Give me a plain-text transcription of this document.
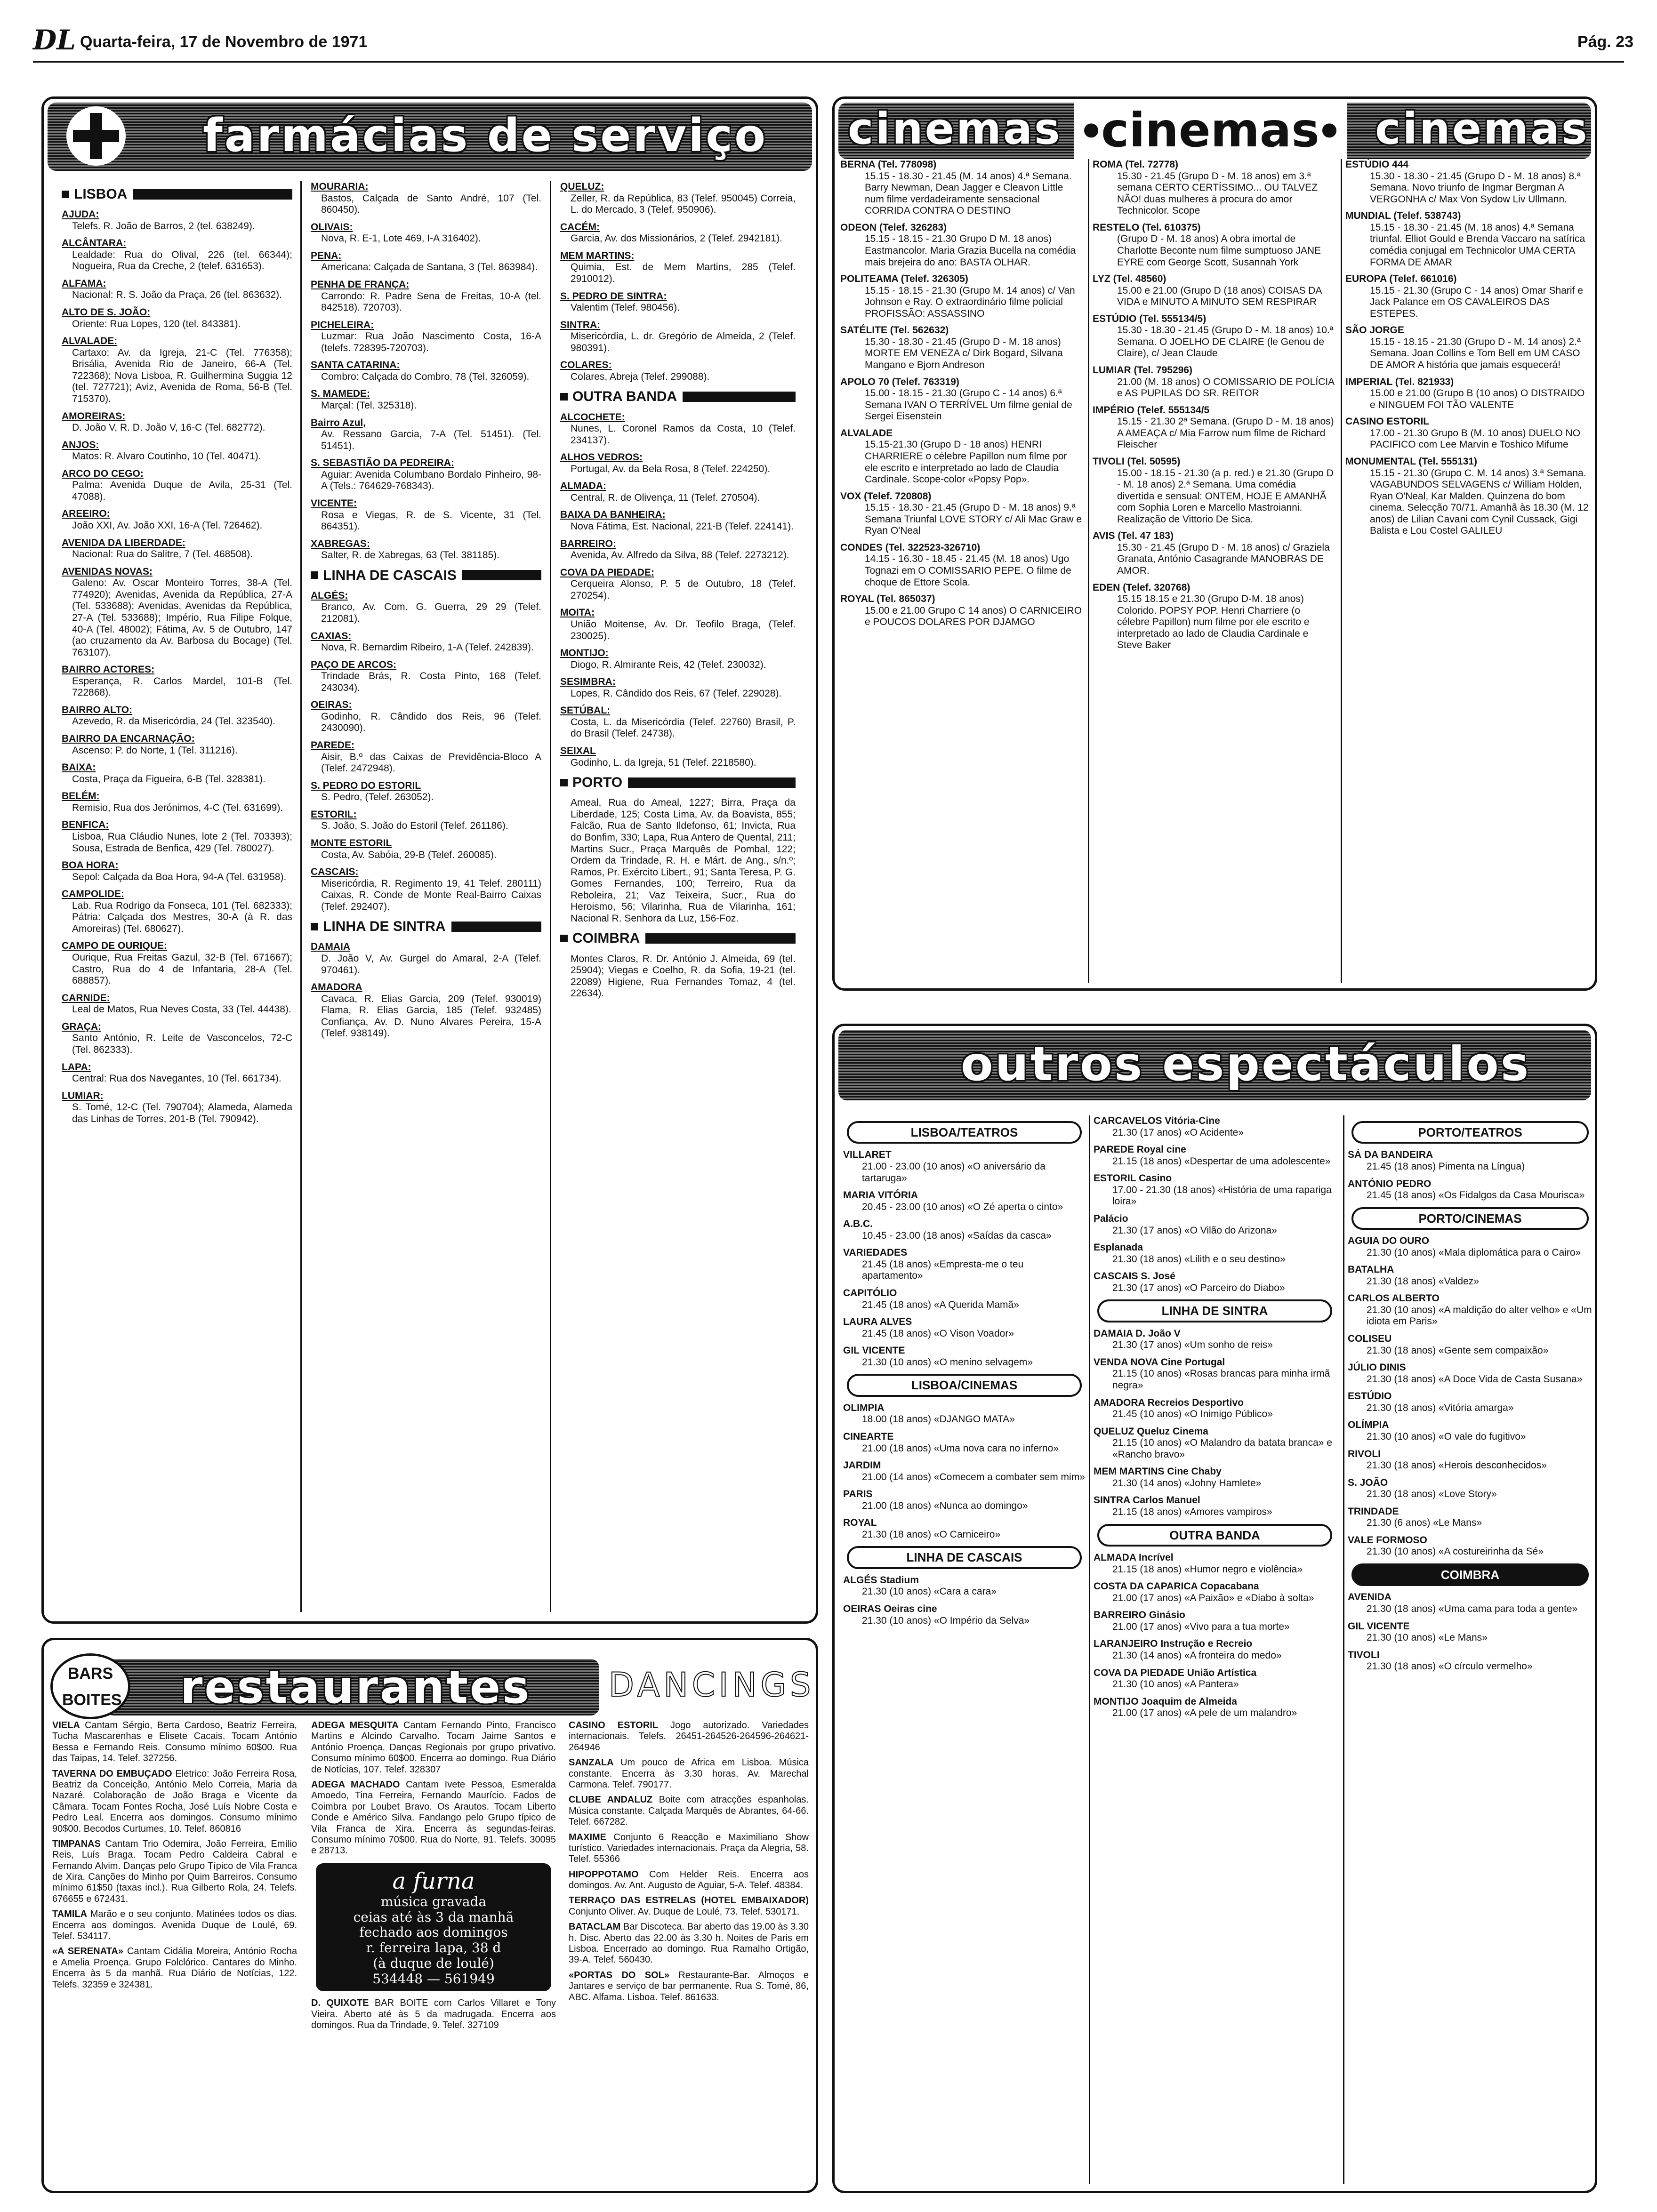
DL Quarta-feira, 17 de Novembro de 1971	Pág. 23
farmácias de serviço
LISBOA
AJUDA:
Telefs. R. João de Barros, 2 (tel. 638249).
ALCÂNTARA:
Lealdade: Rua do Olival, 226 (tel. 66344); Nogueira, Rua da Creche, 2 (telef. 631653).
ALFAMA:
Nacional: R. S. João da Praça, 26 (tel. 863632).
ALTO DE S. JOÃO:
Oriente: Rua Lopes, 120 (tel. 843381).
ALVALADE:
Cartaxo: Av. da Igreja, 21-C (Tel. 776358); Brisália, Avenida Rio de Janeiro, 66-A (Tel. 722368); Nova Lisboa, R. Guilhermina Suggia 12 (tel. 727721); Aviz, Avenida de Roma, 56-B (Tel. 715370).
AMOREIRAS:
D. João V, R. D. João V, 16-C (Tel. 682772).
ANJOS:
Matos: R. Alvaro Coutinho, 10 (Tel. 40471).
ARCO DO CEGO:
Palma: Avenida Duque de Avila, 25-31 (Tel. 47088).
AREEIRO:
João XXI, Av. João XXI, 16-A (Tel. 726462).
AVENIDA DA LIBERDADE:
Nacional: Rua do Salitre, 7 (Tel. 468508).
AVENIDAS NOVAS:
Galeno: Av. Oscar Monteiro Torres, 38-A (Tel. 774920); Avenidas, Avenida da República, 27-A (Tel. 533688); Avenidas, Avenidas da República, 27-A (Tel. 533688); Império, Rua Filipe Folque, 40-A (Tel. 48002); Fátima, Av. 5 de Outubro, 147 (ao cruzamento da Av. Barbosa du Bocage) (Tel. 763107).
BAIRRO ACTORES:
Esperança, R. Carlos Mardel, 101-B (Tel. 722868).
BAIRRO ALTO:
Azevedo, R. da Misericórdia, 24 (Tel. 323540).
BAIRRO DA ENCARNAÇÃO:
Ascenso: P. do Norte, 1 (Tel. 311216).
BAIXA:
Costa, Praça da Figueira, 6-B (Tel. 328381).
BELÉM:
Remisio, Rua dos Jerónimos, 4-C (Tel. 631699).
BENFICA:
Lisboa, Rua Cláudio Nunes, lote 2 (Tel. 703393); Sousa, Estrada de Benfica, 429 (Tel. 780027).
BOA HORA:
Sepol: Calçada da Boa Hora, 94-A (Tel. 631958).
CAMPOLIDE:
Lab. Rua Rodrigo da Fonseca, 101 (Tel. 682333); Pátria: Calçada dos Mestres, 30-A (à R. das Amoreiras) (Tel. 680627).
CAMPO DE OURIQUE:
Ourique, Rua Freitas Gazul, 32-B (Tel. 671667); Castro, Rua do 4 de Infantaria, 28-A (Tel. 688857).
CARNIDE:
Leal de Matos, Rua Neves Costa, 33 (Tel. 44438).
GRAÇA:
Santo António, R. Leite de Vasconcelos, 72-C (Tel. 862333).
LAPA:
Central: Rua dos Navegantes, 10 (Tel. 661734).
LUMIAR:
S. Tomé, 12-C (Tel. 790704); Alameda, Alameda das Linhas de Torres, 201-B (Tel. 790942).
MOURARIA:
Bastos, Calçada de Santo André, 107 (Tel. 860450).
OLIVAIS:
Nova, R. E-1, Lote 469, I-A 316402).
PENA:
Americana: Calçada de Santana, 3 (Tel. 863984).
PENHA DE FRANÇA:
Carrondo: R. Padre Sena de Freitas, 10-A (tel. 842518). 720703).
PICHELEIRA:
Luzmar: Rua João Nascimento Costa, 16-A (telefs. 728395-720703).
SANTA CATARINA:
Combro: Calçada do Combro, 78 (Tel. 326059).
S. MAMEDE:
Marçal: (Tel. 325318).
Bairro Azul,
Av. Ressano Garcia, 7-A (Tel. 51451). (Tel. 51451).
S. SEBASTIÃO DA PEDREIRA:
Aguiar: Avenida Columbano Bordalo Pinheiro, 98-A (Tels.: 764629-768343).
VICENTE:
Rosa e Viegas, R. de S. Vicente, 31 (Tel. 864351).
XABREGAS:
Salter, R. de Xabregas, 63 (Tel. 381185).
LINHA DE CASCAIS
ALGÉS:
Branco, Av. Com. G. Guerra, 29 29 (Telef. 212081).
CAXIAS:
Nova, R. Bernardim Ribeiro, 1-A (Telef. 242839).
PAÇO DE ARCOS:
Trindade Brás, R. Costa Pinto, 168 (Telef. 243034).
OEIRAS:
Godinho, R. Cândido dos Reis, 96 (Telef. 2430090).
PAREDE:
Aisir, B.º das Caixas de Previdência-Bloco A (Telef. 2472948).
S. PEDRO DO ESTORIL
S. Pedro, (Telef. 263052).
ESTORIL:
S. João, S. João do Estoril (Telef. 261186).
MONTE ESTORIL
Costa, Av. Sabóia, 29-B (Telef. 260085).
CASCAIS:
Misericórdia, R. Regimento 19, 41 Telef. 280111) Caixas, R. Conde de Monte Real-Bairro Caixas (Telef. 292407).
LINHA DE SINTRA
DAMAIA
D. João V, Av. Gurgel do Amaral, 2-A (Telef. 970461).
AMADORA
Cavaca, R. Elias Garcia, 209 (Telef. 930019) Flama, R. Elias Garcia, 185 (Telef. 932485) Confiança, Av. D. Nuno Alvares Pereira, 15-A (Telef. 938149).
QUELUZ:
Zeller, R. da República, 83 (Telef. 950045) Correia, L. do Mercado, 3 (Telef. 950906).
CACÉM:
Garcia, Av. dos Missionários, 2 (Telef. 2942181).
MEM MARTINS:
Quimia, Est. de Mem Martins, 285 (Telef. 2910012).
S. PEDRO DE SINTRA:
Valentim (Telef. 980456).
SINTRA:
Misericórdia, L. dr. Gregório de Almeida, 2 (Telef. 980391).
COLARES:
Colares, Abreja (Telef. 299088).
OUTRA BANDA
ALCOCHETE:
Nunes, L. Coronel Ramos da Costa, 10 (Telef. 234137).
ALHOS VEDROS:
Portugal, Av. da Bela Rosa, 8 (Telef. 224250).
ALMADA:
Central, R. de Olivença, 11 (Telef. 270504).
BAIXA DA BANHEIRA:
Nova Fátima, Est. Nacional, 221-B (Telef. 224141).
BARREIRO:
Avenida, Av. Alfredo da Silva, 88 (Telef. 2273212).
COVA DA PIEDADE:
Cerqueira Alonso, P. 5 de Outubro, 18 (Telef. 270254).
MOITA:
União Moitense, Av. Dr. Teofilo Braga, (Telef. 230025).
MONTIJO:
Diogo, R. Almirante Reis, 42 (Telef. 230032).
SESIMBRA:
Lopes, R. Cândido dos Reis, 67 (Telef. 229028).
SETÚBAL:
Costa, L. da Misericórdia (Telef. 22760) Brasil, P. do Brasil (Telef. 24738).
SEIXAL
Godinho, L. da Igreja, 51 (Telef. 2218580).
PORTO
Ameal, Rua do Ameal, 1227; Birra, Praça da Liberdade, 125; Costa Lima, Av. da Boavista, 855; Falcão, Rua de Santo Ildefonso, 61; Invicta, Rua do Bonfim, 330; Lapa, Rua Antero de Quental, 211; Martins Sucr., Praça Marquês de Pombal, 122; Ordem da Trindade, R. H. e Márt. de Ang., s/n.º; Ramos, Pr. Exército Libert., 91; Santa Teresa, P. G. Gomes Fernandes, 100; Terreiro, Rua da Reboleira, 21; Vaz Teixeira, Sucr., Rua do Heroismo, 56; Vilarinha, Rua de Vilarinha, 161; Nacional R. Senhora da Luz, 156-Foz.
COIMBRA
Montes Claros, R. Dr. António J. Almeida, 69 (tel. 25904); Viegas e Coelho, R. da Sofia, 19-21 (tel. 22089) Higiene, Rua Fernandes Tomaz, 4 (tel. 22634).
cinemas ●cinemas● cinemas
BERNA (Tel. 778098)
15.15 - 18.30 - 21.45 (M. 14 anos) 4.ª Semana. Barry Newman, Dean Jagger e Cleavon Little num filme verdadeiramente sensacional CORRIDA CONTRA O DESTINO
ODEON (Telef. 326283)
15.15 - 18.15 - 21.30 Grupo D M. 18 anos) Eastmancolor. Maria Grazia Bucella na comédia mais brejeira do ano: BASTA OLHAR.
POLITEAMA (Telef. 326305)
15.15 - 18.15 - 21.30 (Grupo M. 14 anos) c/ Van Johnson e Ray. O extraordinário filme policial PROFISSÃO: ASSASSINO
SATÉLITE (Tel. 562632)
15.30 - 18.30 - 21.45 (Grupo D - M. 18 anos) MORTE EM VENEZA c/ Dirk Bogard, Silvana Mangano e Bjorn Andreson
APOLO 70 (Telef. 763319)
15.00 - 18.15 - 21.30 (Grupo C - 14 anos) 6.ª Semana IVAN O TERRÍVEL Um filme genial de Sergei Eisenstein
ALVALADE
15.15-21.30 (Grupo D - 18 anos) HENRI CHARRIERE o célebre Papillon num filme por ele escrito e interpretado ao lado de Claudia Cardinale. Scope-color «Popsy Pop».
VOX (Telef. 720808)
15.15 - 18.30 - 21.45 (Grupo D - M. 18 anos) 9.ª Semana Triunfal LOVE STORY c/ Ali Mac Graw e Ryan O'Neal
CONDES (Tel. 322523-326710)
14.15 - 16.30 - 18.45 - 21.45 (M. 18 anos) Ugo Tognazi em O COMISSARIO PEPE. O filme de choque de Ettore Scola.
ROYAL (Tel. 865037)
15.00 e 21.00 Grupo C 14 anos) O CARNICEIRO e POUCOS DOLARES POR DJAMGO
ROMA (Tel. 72778)
15.30 - 21.45 (Grupo D - M. 18 anos) em 3.ª semana CERTO CERTÍSSIMO... OU TALVEZ NÃO! duas mulheres à procura do amor Technicolor. Scope
RESTELO (Tel. 610375)
(Grupo D - M. 18 anos) A obra imortal de Charlotte Beconte num filme sumptuoso JANE EYRE com George Scott, Susannah York
LYZ (Tel. 48560)
15.00 e 21.00 (Grupo D (18 anos) COISAS DA VIDA e MINUTO A MINUTO SEM RESPIRAR
ESTÚDIO (Tel. 555134/5)
15.30 - 18.30 - 21.45 (Grupo D - M. 18 anos) 10.ª Semana. O JOELHO DE CLAIRE (le Genou de Claire), c/ Jean Claude
LUMIAR (Tel. 795296)
21.00 (M. 18 anos) O COMISSARIO DE POLÍCIA e AS PUPILAS DO SR. REITOR
IMPÉRIO (Telef. 555134/5
15.15 - 21.30 2ª Semana. (Grupo D - M. 18 anos) A AMEAÇA c/ Mia Farrow num filme de Richard Fleischer
TIVOLI (Tel. 50595)
15.00 - 18.15 - 21.30 (a p. red.) e 21.30 (Grupo D - M. 18 anos) 2.ª Semana. Uma comédia divertida e sensual: ONTEM, HOJE E AMANHÃ com Sophia Loren e Marcello Mastroianni. Realização de Vittorio De Sica.
AVIS (Tel. 47 183)
15.30 - 21.45 (Grupo D - M. 18 anos) c/ Graziela Granata, António Casagrande MANOBRAS DE AMOR.
EDEN (Telef. 320768)
15.15 18.15 e 21.30 (Grupo D-M. 18 anos) Colorido. POPSY POP. Henri Charriere (o célebre Papillon) num filme por ele escrito e interpretado ao lado de Claudia Cardinale e Steve Baker
ESTÚDIO 444
15.30 - 18.30 - 21.45 (Grupo D - M. 18 anos) 8.ª Semana. Novo triunfo de Ingmar Bergman A VERGONHA c/ Max Von Sydow Liv Ullmann.
MUNDIAL (Telef. 538743)
15.15 - 18.30 - 21.45 (M. 18 anos) 4.ª Semana triunfal. Elliot Gould e Brenda Vaccaro na satírica comédia conjugal em Technicolor UMA CERTA FORMA DE AMAR
EUROPA (Telef. 661016)
15.15 - 21.30 (Grupo C - 14 anos) Omar Sharif e Jack Palance em OS CAVALEIROS DAS ESTEPES.
SÃO JORGE
15.15 - 18.15 - 21.30 (Grupo D - M. 14 anos) 2.ª Semana. Joan Collins e Tom Bell em UM CASO DE AMOR A história que jamais esquecerá!
IMPERIAL (Tel. 821933)
15.00 e 21.00 (Grupo B (10 anos) O DISTRAIDO e NINGUEM FOI TÃO VALENTE
CASINO ESTORIL
17.00 - 21.30 Grupo B (M. 10 anos) DUELO NO PACIFICO com Lee Marvin e Toshico Mifume
MONUMENTAL (Tel. 555131)
15.15 - 21.30 (Grupo C. M. 14 anos) 3.ª Semana. VAGABUNDOS SELVAGENS c/ William Holden, Ryan O'Neal, Kar Malden. Quinzena do bom cinema. Selecção 70/71. Amanhã às 18.30 (M. 12 anos) de Lilian Cavani com Cynil Cussack, Gigi Balista e Lou Costel GALILEU
outros espectáculos
LISBOA/TEATROS
VILLARET
21.00 - 23.00 (10 anos) «O aniversário da tartaruga»
MARIA VITÓRIA
20.45 - 23.00 (10 anos) «O Zé aperta o cinto»
A.B.C.
10.45 - 23.00 (18 anos) «Saídas da casca»
VARIEDADES
21.45 (18 anos) «Empresta-me o teu apartamento»
CAPITÓLIO
21.45 (18 anos) «A Querida Mamã»
LAURA ALVES
21.45 (18 anos) «O Vison Voador»
GIL VICENTE
21.30 (10 anos) «O menino selvagem»
LISBOA/CINEMAS
OLIMPIA
18.00 (18 anos) «DJANGO MATA»
CINEARTE
21.00 (18 anos) «Uma nova cara no inferno»
JARDIM
21.00 (14 anos) «Comecem a combater sem mim»
PARIS
21.00 (18 anos) «Nunca ao domingo»
ROYAL
21.30 (18 anos) «O Carniceiro»
LINHA DE CASCAIS
ALGÉS Stadium
21.30 (10 anos) «Cara a cara»
OEIRAS Oeiras cine
21.30 (10 anos) «O Império da Selva»
CARCAVELOS Vitória-Cine
21.30 (17 anos) «O Acidente»
PAREDE Royal cine
21.15 (18 anos) «Despertar de uma adolescente»
ESTORIL Casino
17.00 - 21.30 (18 anos) «História de uma rapariga loira»
Palácio
21.30 (17 anos) «O Vilão do Arizona»
Esplanada
21.30 (18 anos) «Lilith e o seu destino»
CASCAIS S. José
21.30 (17 anos) «O Parceiro do Diabo»
LINHA DE SINTRA
DAMAIA D. João V
21.30 (17 anos) «Um sonho de reis»
VENDA NOVA Cine Portugal
21.15 (10 anos) «Rosas brancas para minha irmã negra»
AMADORA Recreios Desportivo
21.45 (10 anos) «O Inimigo Público»
QUELUZ Queluz Cinema
21.15 (10 anos) «O Malandro da batata branca» e «Rancho bravo»
MEM MARTINS Cine Chaby
21.30 (14 anos) «Johny Hamlete»
SINTRA Carlos Manuel
21.15 (18 anos) «Amores vampiros»
OUTRA BANDA
ALMADA Incrível
21.15 (18 anos) «Humor negro e violência»
COSTA DA CAPARICA Copacabana
21.00 (17 anos) «A Paixão» e «Diabo à solta»
BARREIRO Ginásio
21.00 (17 anos) «Vivo para a tua morte»
LARANJEIRO Instrução e Recreio
21.30 (14 anos) «A fronteira do medo»
COVA DA PIEDADE União Artística
21.30 (10 anos) «A Pantera»
MONTIJO Joaquim de Almeida
21.00 (17 anos) «A pele de um malandro»
PORTO/TEATROS
SÁ DA BANDEIRA
21.45 (18 anos) Pimenta na Língua)
ANTÓNIO PEDRO
21.45 (18 anos) «Os Fidalgos da Casa Mourisca»
PORTO/CINEMAS
AGUIA DO OURO
21.30 (10 anos) «Mala diplomática para o Cairo»
BATALHA
21.30 (18 anos) «Valdez»
CARLOS ALBERTO
21.30 (10 anos) «A maldição do alter velho» e «Um idiota em Paris»
COLISEU
21.30 (18 anos) «Gente sem compaixão»
JÚLIO DINIS
21.30 (18 anos) «A Doce Vida de Casta Susana»
ESTÚDIO
21.30 (18 anos) «Vitória amarga»
OLÍMPIA
21.30 (10 anos) «O vale do fugitivo»
RIVOLI
21.30 (18 anos) «Herois desconhecidos»
S. JOÃO
21.30 (18 anos) «Love Story»
TRINDADE
21.30 (6 anos) «Le Mans»
VALE FORMOSO
21.30 (10 anos) «A costureirinha da Sé»
COIMBRA
AVENIDA
21.30 (18 anos) «Uma cama para toda a gente»
GIL VICENTE
21.30 (10 anos) «Le Mans»
TIVOLI
21.30 (18 anos) «O círculo vermelho»
BARS BOITES restaurantes DANCINGS
VIELA Cantam Sérgio, Berta Cardoso, Beatriz Ferreira, Tucha Mascarenhas e Elisete Cacais. Tocam António Bessa e Fernando Reis. Consumo mínimo 60$00. Rua das Taipas, 14. Telef. 327256.
TAVERNA DO EMBUÇADO Eletrico: João Ferreira Rosa, Beatriz da Conceição, António Melo Correia, Maria da Nazaré. Colaboração de João Braga e Vicente da Câmara. Tocam Fontes Rocha, José Luís Nobre Costa e Pedro Leal. Encerra aos domingos. Consumo mínimo 90$00. Becodos Curtumes, 10. Telef. 860816
TIMPANAS Cantam Trio Odemira, João Ferreira, Emílio Reis, Luís Braga. Tocam Pedro Caldeira Cabral e Fernando Alvim. Danças pelo Grupo Típico de Vila Franca de Xira. Canções do Minho por Quim Barreiros. Consumo mínimo 61$50 (taxas incl.). Rua Gilberto Rola, 24. Telefs. 676655 e 672431.
TAMILA Marão e o seu conjunto. Matinées todos os dias. Encerra aos domingos. Avenida Duque de Loulé, 69. Telef. 534117.
«A SERENATA» Cantam Cidália Moreira, António Rocha e Amelia Proença. Grupo Folclórico. Cantares do Minho. Encerra às 5 da manhã. Rua Diário de Notícias, 122. Telefs. 32359 e 324381.
ADEGA MESQUITA Cantam Fernando Pinto, Francisco Martins e Alcindo Carvalho. Tocam Jaime Santos e António Proença. Danças Regionais por grupo privativo. Consumo mínimo 60$00. Encerra ao domingo. Rua Diário de Notícias, 107. Telef. 328307
ADEGA MACHADO Cantam Ivete Pessoa, Esmeralda Amoedo, Tina Ferreira, Fernando Maurício. Fados de Coimbra por Loubet Bravo. Os Arautos. Tocam Liberto Conde e Américo Silva. Fandango pelo Grupo típico de Vila Franca de Xira. Encerra às segundas-feiras. Consumo mínimo 70$00. Rua do Norte, 91. Telefs. 30095 e 28713.
a furna
música gravada
ceias até às 3 da manhã
fechado aos domingos
r. ferreira lapa, 38 d
(à duque de loulé)
534448 — 561949
D. QUIXOTE BAR BOITE com Carlos Villaret e Tony Vieira. Aberto até às 5 da madrugada. Encerra aos domingos. Rua da Trindade, 9. Telef. 327109
CASINO ESTORIL Jogo autorizado. Variedades internacionais. Telefs. 26451-264526-264596-264621-264946
SANZALA Um pouco de Africa em Lisboa. Música constante. Encerra às 3.30 horas. Av. Marechal Carmona. Telef. 790177.
CLUBE ANDALUZ Boite com atracções espanholas. Música constante. Calçada Marquês de Abrantes, 64-66. Telef. 667282.
MAXIME Conjunto 6 Reacção e Maximiliano Show turístico. Variedades internacionais. Praça da Alegria, 58. Telef. 55366
HIPOPPOTAMO Com Helder Reis. Encerra aos domingos. Av. Ant. Augusto de Aguiar, 5-A. Telef. 48384.
TERRAÇO DAS ESTRELAS (HOTEL EMBAIXADOR) Conjunto Oliver. Av. Duque de Loulé, 73. Telef. 530171.
BATACLAM Bar Discoteca. Bar aberto das 19.00 às 3.30 h. Disc. Aberto das 22.00 às 3.30 h. Noites de Paris em Lisboa. Encerrado ao domingo. Rua Ramalho Ortigão, 39-A. Telef. 560430.
«PORTAS DO SOL» Restaurante-Bar. Almoços e Jantares e serviço de bar permanente. Rua S. Tomé, 86, ABC. Alfama. Lisboa. Telef. 861633.
